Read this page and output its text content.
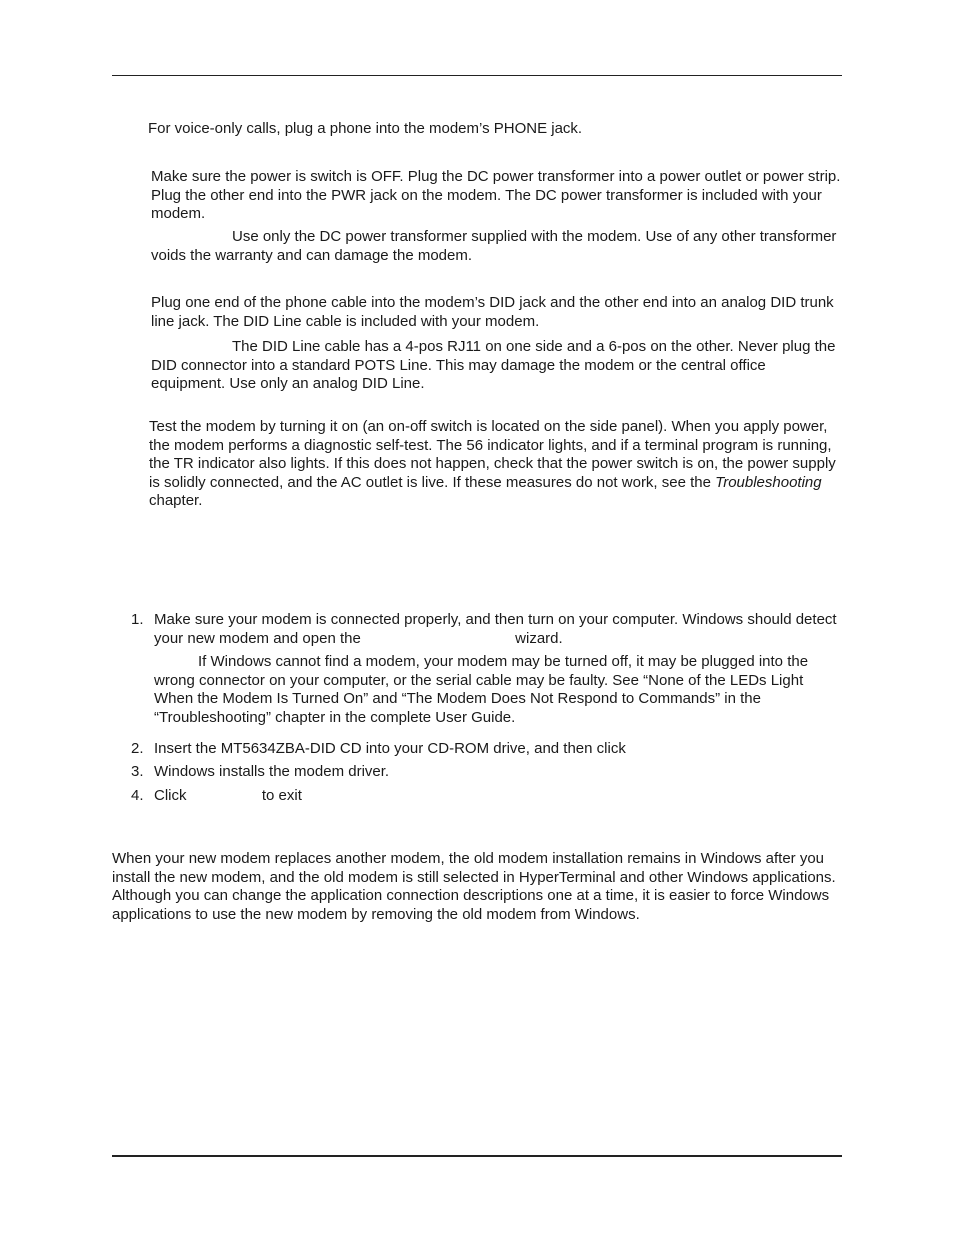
For voice-only calls, plug a phone into the modem’s PHONE jack.

Make sure the power is switch is OFF. Plug the DC power transformer into a power outlet or power strip. Plug the other end into the PWR jack on the modem. The DC power transformer is included with your modem.

Use only the DC power transformer supplied with the modem. Use of any other transformer voids the warranty and can damage the modem.

Plug one end of the phone cable into the modem’s DID jack and the other end into an analog DID trunk line jack. The DID Line cable is included with your modem.

The DID Line cable has a 4-pos RJ11 on one side and a 6-pos on the other. Never plug the DID connector into a standard POTS Line. This may damage the modem or the central office equipment. Use only an analog DID Line.

Test the modem by turning it on (an on-off switch is located on the side panel). When you apply power, the modem performs a diagnostic self-test. The 56 indicator lights, and if a terminal program is running, the TR indicator also lights. If this does not happen, check that the power switch is on, the power supply is solidly connected, and the AC outlet is live. If these measures do not work, see the Troubleshooting chapter.

1. Make sure your modem is connected properly, and then turn on your computer. Windows should detect your new modem and open the	wizard.
If Windows cannot find a modem, your modem may be turned off, it may be plugged into the wrong connector on your computer, or the serial cable may be faulty. See “None of the LEDs Light When the Modem Is Turned On” and “The Modem Does Not Respond to Commands” in the “Troubleshooting” chapter in the complete User Guide.
2. Insert the MT5634ZBA-DID CD into your CD-ROM drive, and then click
3. Windows installs the modem driver.
4. Click	to exit

When your new modem replaces another modem, the old modem installation remains in Windows after you install the new modem, and the old modem is still selected in HyperTerminal and other Windows applications. Although you can change the application connection descriptions one at a time, it is easier to force Windows applications to use the new modem by removing the old modem from Windows.
